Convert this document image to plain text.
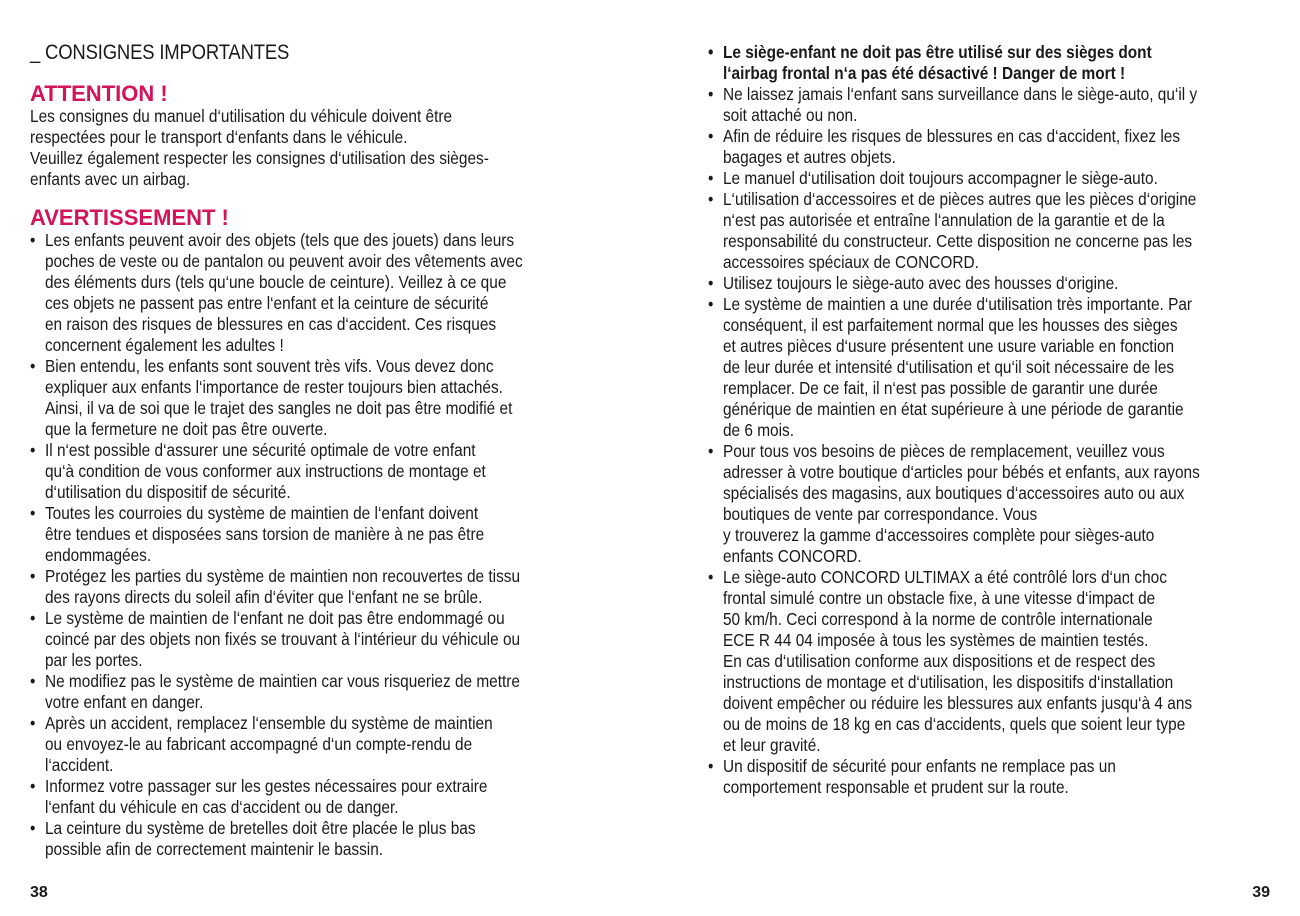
_ CONSIGNES IMPORTANTES
ATTENTION !
Les consignes du manuel d‘utilisation du véhicule doivent être
respectées pour le transport d‘enfants dans le véhicule.
Veuillez également respecter les consignes d‘utilisation des sièges-
enfants avec un airbag.
AVERTISSEMENT !
• Les enfants peuvent avoir des objets (tels que des jouets) dans leurs
poches de veste ou de pantalon ou peuvent avoir des vêtements avec
des éléments durs (tels qu‘une boucle de ceinture). Veillez à ce que
ces objets ne passent pas entre l‘enfant et la ceinture de sécurité
en raison des risques de blessures en cas d‘accident. Ces risques
concernent également les adultes !
• Bien entendu, les enfants sont souvent très vifs. Vous devez donc
expliquer aux enfants l‘importance de rester toujours bien attachés.
Ainsi, il va de soi que le trajet des sangles ne doit pas être modifié et
que la fermeture ne doit pas être ouverte.
• Il n‘est possible d‘assurer une sécurité optimale de votre enfant
qu‘à condition de vous conformer aux instructions de montage et
d‘utilisation du dispositif de sécurité.
• Toutes les courroies du système de maintien de l‘enfant doivent
être tendues et disposées sans torsion de manière à ne pas être
endommagées.
• Protégez les parties du système de maintien non recouvertes de tissu
des rayons directs du soleil afin d‘éviter que l‘enfant ne se brûle.
• Le système de maintien de l‘enfant ne doit pas être endommagé ou
coincé par des objets non fixés se trouvant à l‘intérieur du véhicule ou
par les portes.
• Ne modifiez pas le système de maintien car vous risqueriez de mettre
votre enfant en danger.
• Après un accident, remplacez l‘ensemble du système de maintien
ou envoyez-le au fabricant accompagné d‘un compte-rendu de
l‘accident.
• Informez votre passager sur les gestes nécessaires pour extraire
l‘enfant du véhicule en cas d‘accident ou de danger.
• La ceinture du système de bretelles doit être placée le plus bas
possible afin de correctement maintenir le bassin.
38
• Le siège-enfant ne doit pas être utilisé sur des sièges dont
l‘airbag frontal n‘a pas été désactivé ! Danger de mort !
• Ne laissez jamais l‘enfant sans surveillance dans le siège-auto, qu‘il y
soit attaché ou non.
• Afin de réduire les risques de blessures en cas d‘accident, fixez les
bagages et autres objets.
• Le manuel d‘utilisation doit toujours accompagner le siège-auto.
• L‘utilisation d‘accessoires et de pièces autres que les pièces d‘origine
n‘est pas autorisée et entraîne l‘annulation de la garantie et de la
responsabilité du constructeur. Cette disposition ne concerne pas les
accessoires spéciaux de CONCORD.
• Utilisez toujours le siège-auto avec des housses d‘origine.
• Le système de maintien a une durée d‘utilisation très importante. Par
conséquent, il est parfaitement normal que les housses des sièges
et autres pièces d‘usure présentent une usure variable en fonction
de leur durée et intensité d‘utilisation et qu‘il soit nécessaire de les
remplacer. De ce fait, il n‘est pas possible de garantir une durée
générique de maintien en état supérieure à une période de garantie
de 6 mois.
• Pour tous vos besoins de pièces de remplacement, veuillez vous
adresser à votre boutique d‘articles pour bébés et enfants, aux rayons
spécialisés des magasins, aux boutiques d‘accessoires auto ou aux
boutiques de vente par correspondance. Vous
y trouverez la gamme d‘accessoires complète pour sièges-auto
enfants CONCORD.
• Le siège-auto CONCORD ULTIMAX a été contrôlé lors d‘un choc
frontal simulé contre un obstacle fixe, à une vitesse d‘impact de
50 km/h. Ceci correspond à la norme de contrôle internationale
ECE R 44 04 imposée à tous les systèmes de maintien testés.
En cas d‘utilisation conforme aux dispositions et de respect des
instructions de montage et d‘utilisation, les dispositifs d‘installation
doivent empêcher ou réduire les blessures aux enfants jusqu‘à 4 ans
ou de moins de 18 kg en cas d‘accidents, quels que soient leur type
et leur gravité.
• Un dispositif de sécurité pour enfants ne remplace pas un
comportement responsable et prudent sur la route.
39
